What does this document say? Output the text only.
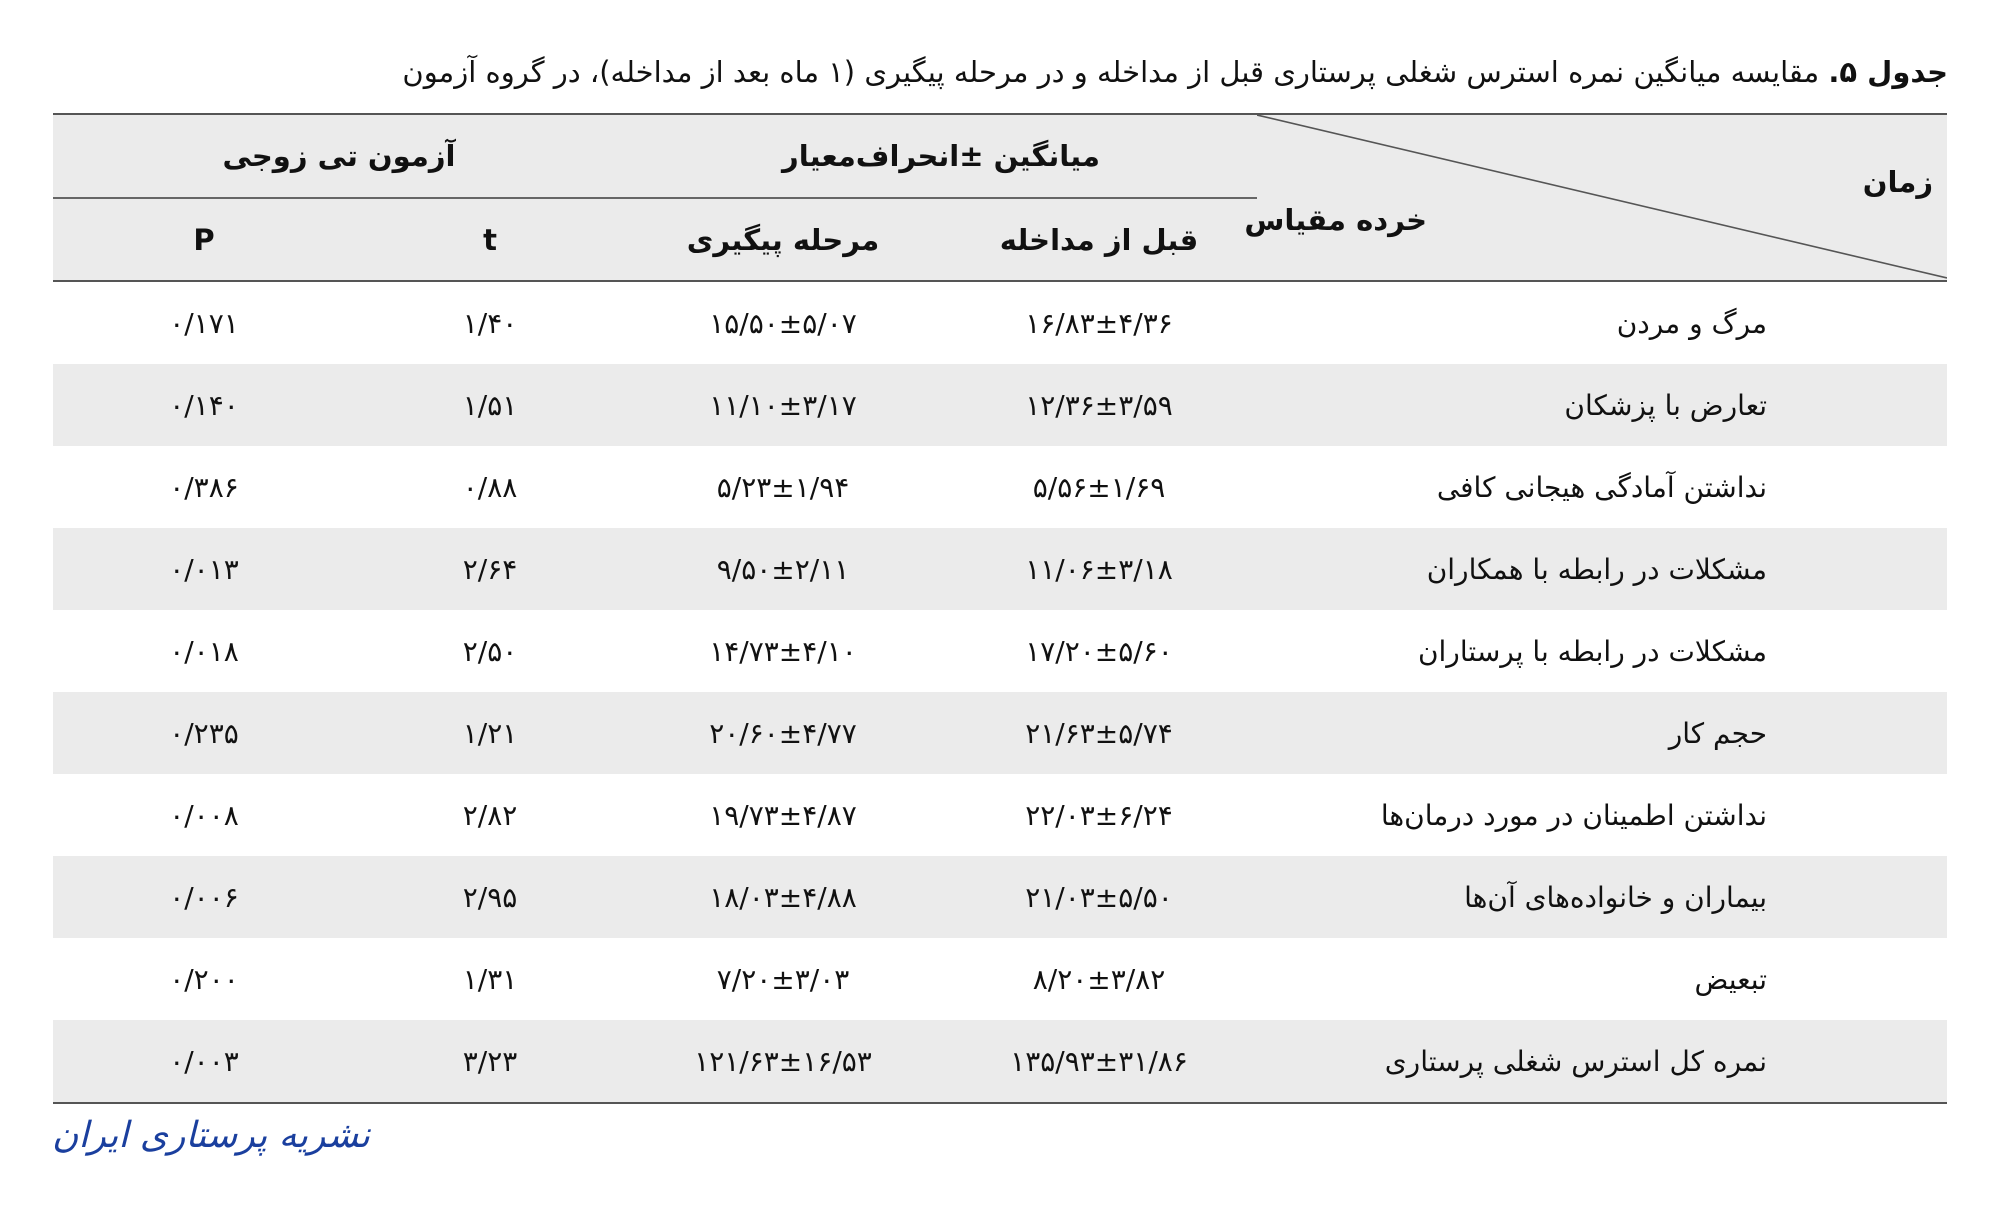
جدول ۵. مقایسه میانگین نمره استرس شغلی پرستاری قبل از مداخله و در مرحله پیگیری (۱ ماه بعد از مداخله)، در گروه آزمون
زمان
خرده مقیاس	میانگین ±انحراف‌معیار		آزمون تی زوجی	
	قبل از مداخله	مرحله پیگیری	t	P
مرگ و مردن	۱۶/۸۳±۴/۳۶	۱۵/۵۰±۵/۰۷	۱/۴۰	۰/۱۷۱
تعارض با پزشکان	۱۲/۳۶±۳/۵۹	۱۱/۱۰±۳/۱۷	۱/۵۱	۰/۱۴۰
نداشتن آمادگی هیجانی کافی	۵/۵۶±۱/۶۹	۵/۲۳±۱/۹۴	۰/۸۸	۰/۳۸۶
مشکلات در رابطه با همکاران	۱۱/۰۶±۳/۱۸	۹/۵۰±۲/۱۱	۲/۶۴	۰/۰۱۳
مشکلات در رابطه با پرستاران	۱۷/۲۰±۵/۶۰	۱۴/۷۳±۴/۱۰	۲/۵۰	۰/۰۱۸
حجم کار	۲۱/۶۳±۵/۷۴	۲۰/۶۰±۴/۷۷	۱/۲۱	۰/۲۳۵
نداشتن اطمینان در مورد درمان‌ها	۲۲/۰۳±۶/۲۴	۱۹/۷۳±۴/۸۷	۲/۸۲	۰/۰۰۸
بیماران و خانواده‌های آن‌ها	۲۱/۰۳±۵/۵۰	۱۸/۰۳±۴/۸۸	۲/۹۵	۰/۰۰۶
تبعیض	۸/۲۰±۳/۸۲	۷/۲۰±۳/۰۳	۱/۳۱	۰/۲۰۰
نمره کل استرس شغلی پرستاری	۱۳۵/۹۳±۳۱/۸۶	۱۲۱/۶۳±۱۶/۵۳	۳/۲۳	۰/۰۰۳
نشریه پرستاری ایران
